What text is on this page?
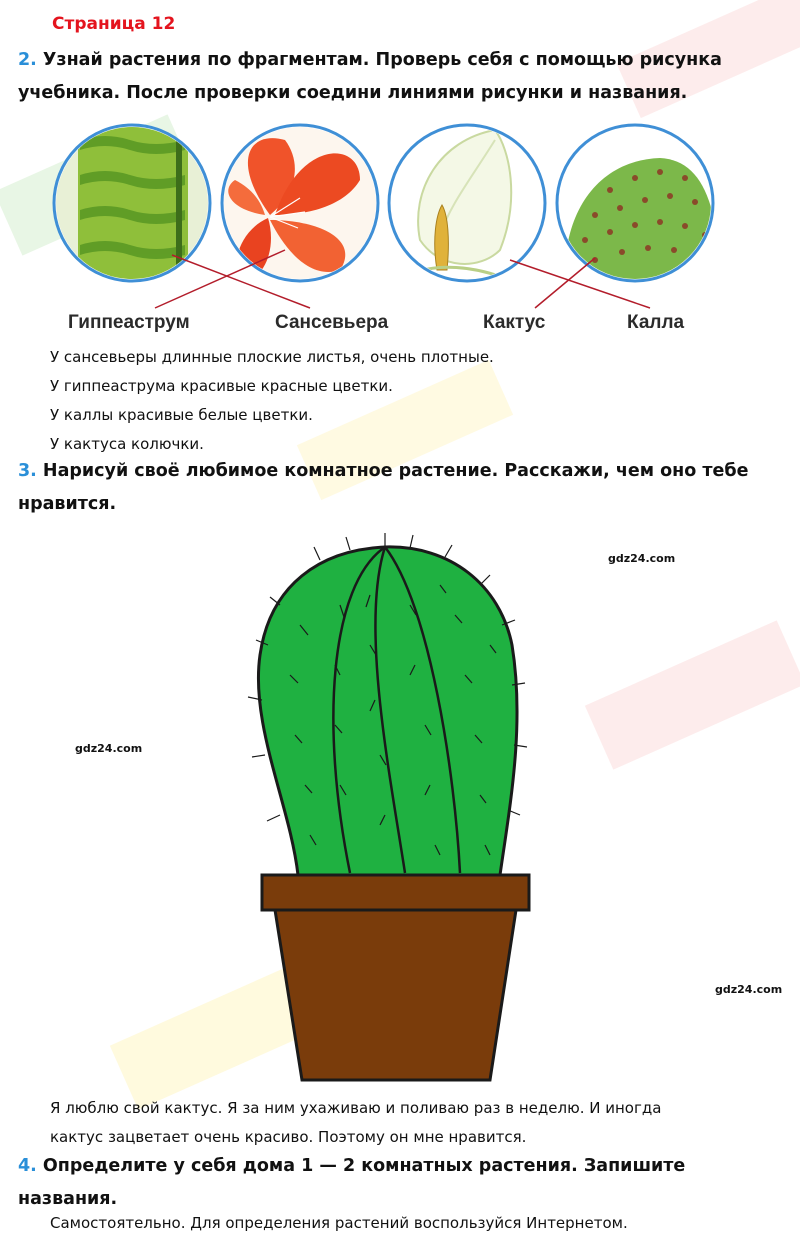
Страница 12
2. Узнай растения по фрагментам. Проверь себя с помощью рисунка
учебника. После проверки соедини линиями рисунки и названия.
Гиппеаструм	Сансевьера	Кактус	Калла
У сансевьеры длинные плоские листья, очень плотные.
У гиппеаструма красивые красные цветки.
У каллы красивые белые цветки.
У кактуса колючки.
3. Нарисуй своё любимое комнатное растение. Расскажи, чем оно тебе
нравится.
gdz24.com
gdz24.com
gdz24.com
Я люблю свой кактус. Я за ним ухаживаю и поливаю раз в неделю. И иногда
кактус зацветает очень красиво. Поэтому он мне нравится.
4. Определите у себя дома 1 — 2 комнатных растения. Запишите
названия.
Самостоятельно. Для определения растений воспользуйся Интернетом.
